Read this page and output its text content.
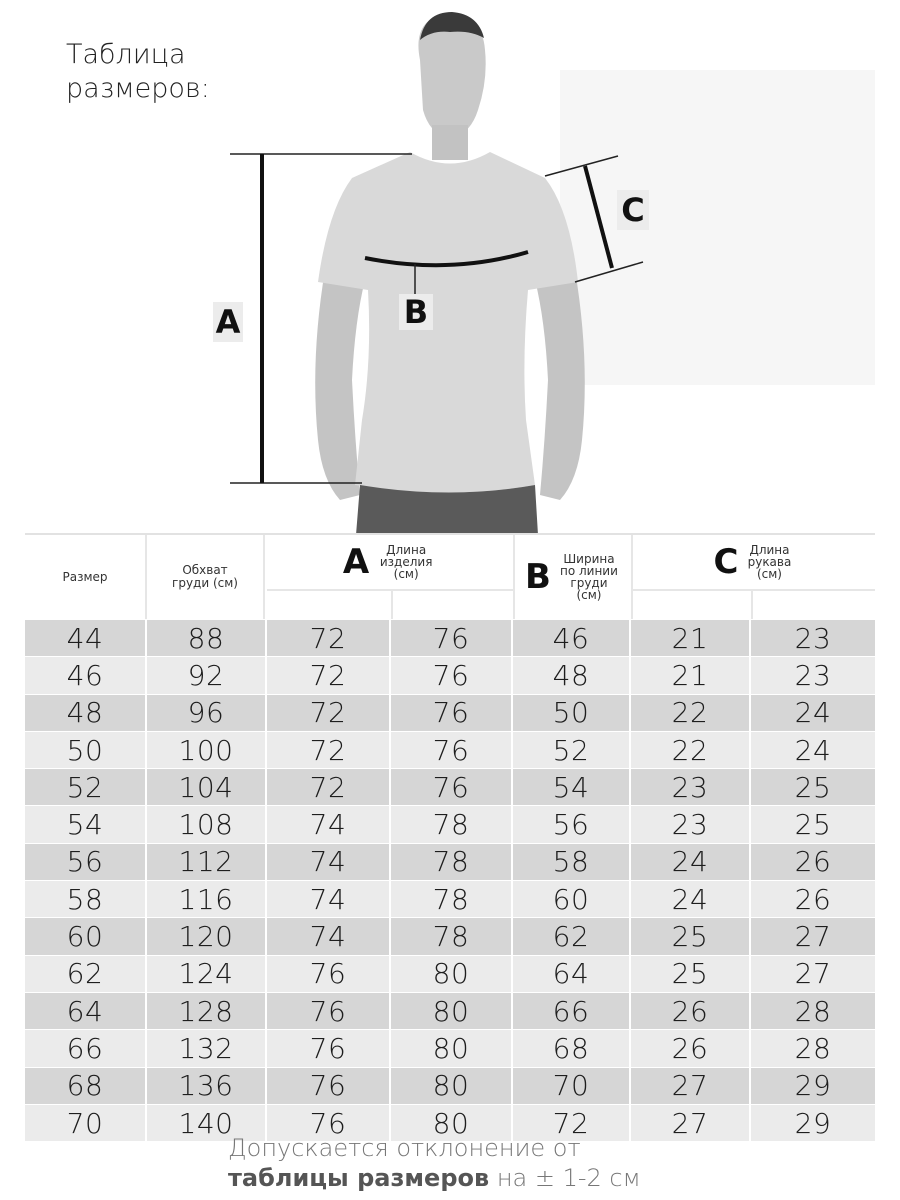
Таблица
размеров:
A	B
C
Размер	Обхват груди (см)
A	Длина изделия (см)	B	Ширина по линии груди (см)
C Длина рукава (см)
44	88	72	76	46	21	23
46	92	72	76	48	21	23
48	96	72	76	50	22	24
50	100	72	76	52	22	24
52	104	72	76	54	23	25
54	108	74	78	56	23	25
56	112	74	78	58	24	26
58	116	74	78	60	24	26
60	120	74	78	62	25	27
62	124	76	80	64	25	27
64	128	76	80	66	26	28
66	132	76	80	68	26	28
68	136	76	80	70	27	29
70	140	76	80	72	27	29
Допускается отклонение от
таблицы размеров на ± 1-2 см
